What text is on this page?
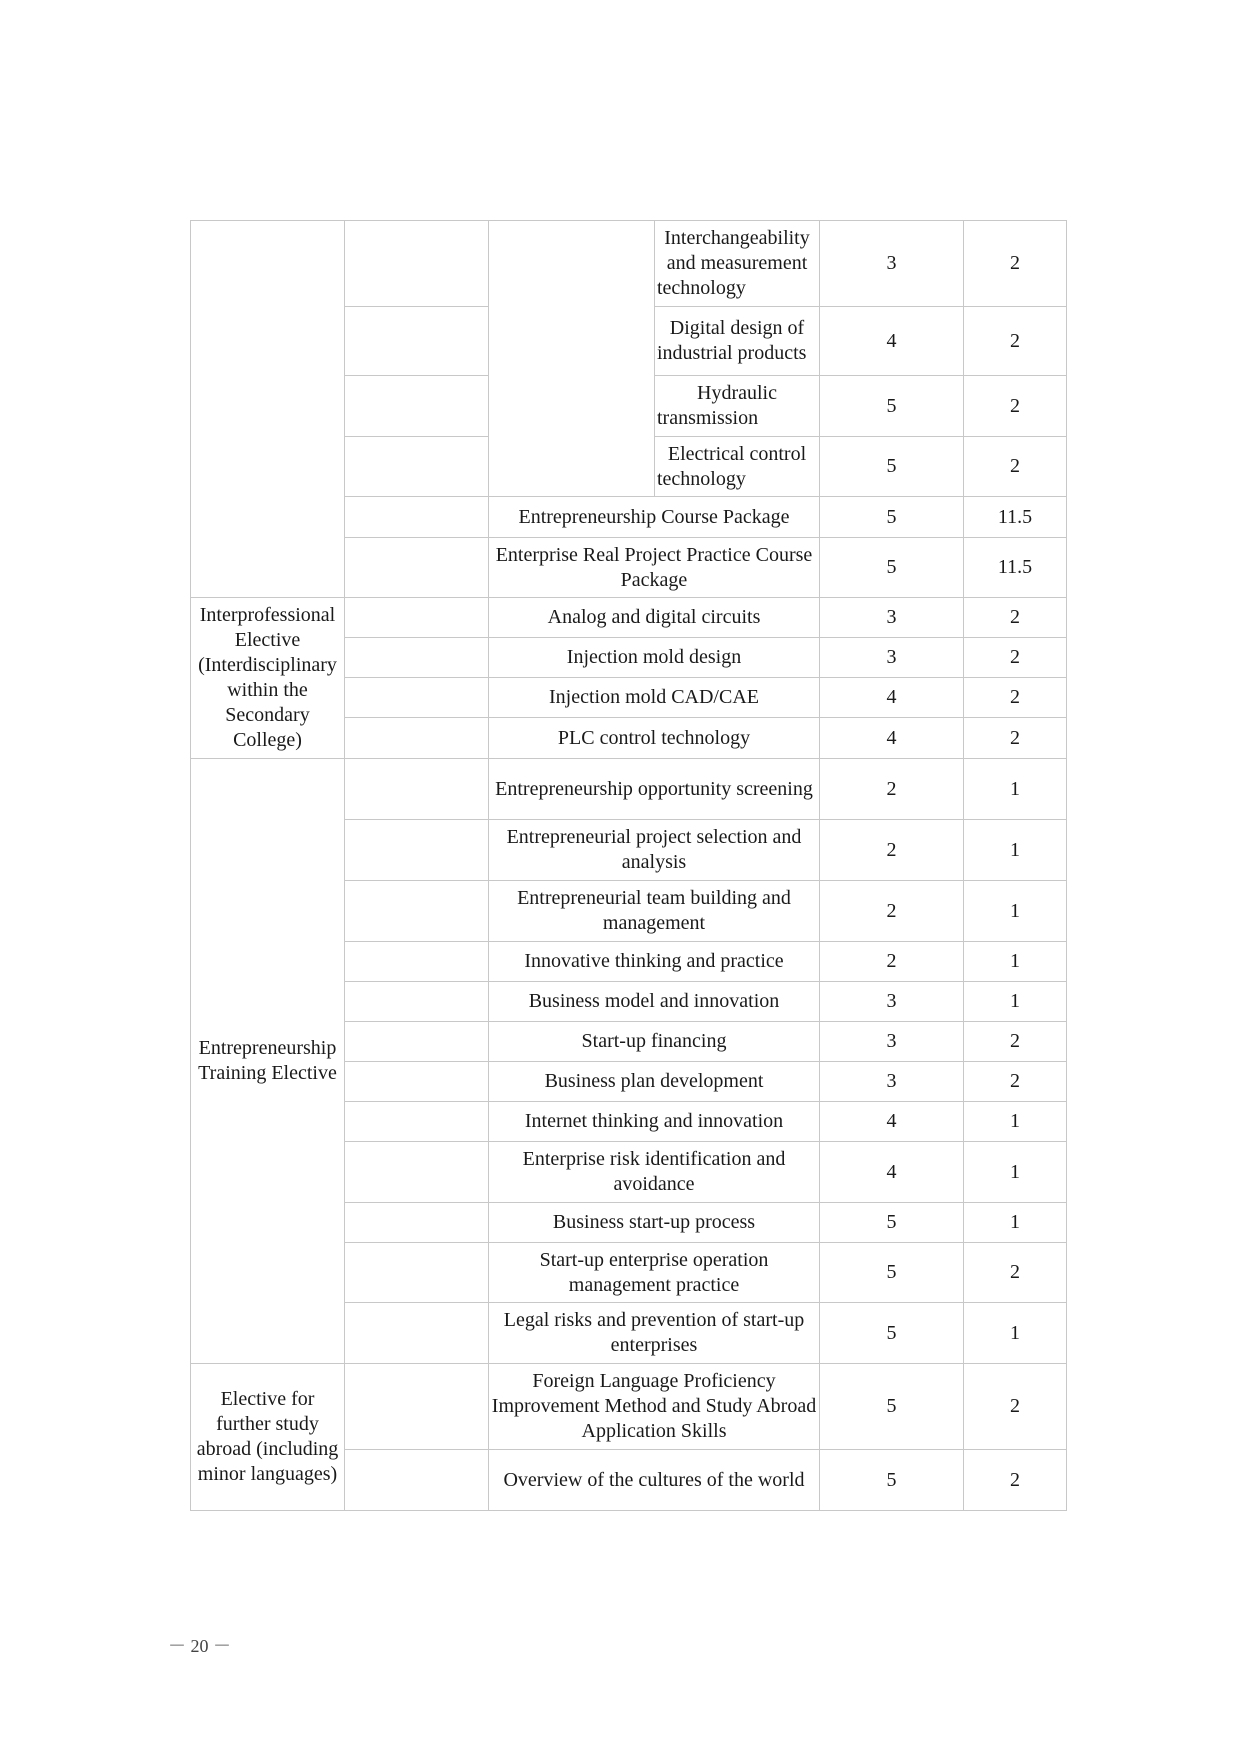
			Interchangeability and measurement technology	3	2
			Digital design of industrial products	4	2
			Hydraulic transmission	5	2
			Electrical control technology	5	2
		Entrepreneurship Course Package		5	11.5
		Enterprise Real Project Practice Course Package		5	11.5
Interprofessional Elective (Interdisciplinary within the Secondary College)		Analog and digital circuits		3	2
		Injection mold design		3	2
		Injection mold CAD/CAE		4	2
		PLC control technology		4	2
Entrepreneurship Training Elective		Entrepreneurship opportunity screening		2	1
		Entrepreneurial project selection and analysis		2	1
		Entrepreneurial team building and management		2	1
		Innovative thinking and practice		2	1
		Business model and innovation		3	1
		Start-up financing		3	2
		Business plan development		3	2
		Internet thinking and innovation		4	1
		Enterprise risk identification and avoidance		4	1
		Business start-up process		5	1
		Start-up enterprise operation management practice		5	2
		Legal risks and prevention of start-up enterprises		5	1
Elective for further study abroad (including minor languages)		Foreign Language Proficiency Improvement Method and Study Abroad Application Skills		5	2
		Overview of the cultures of the world		5	2
－ 20 －
